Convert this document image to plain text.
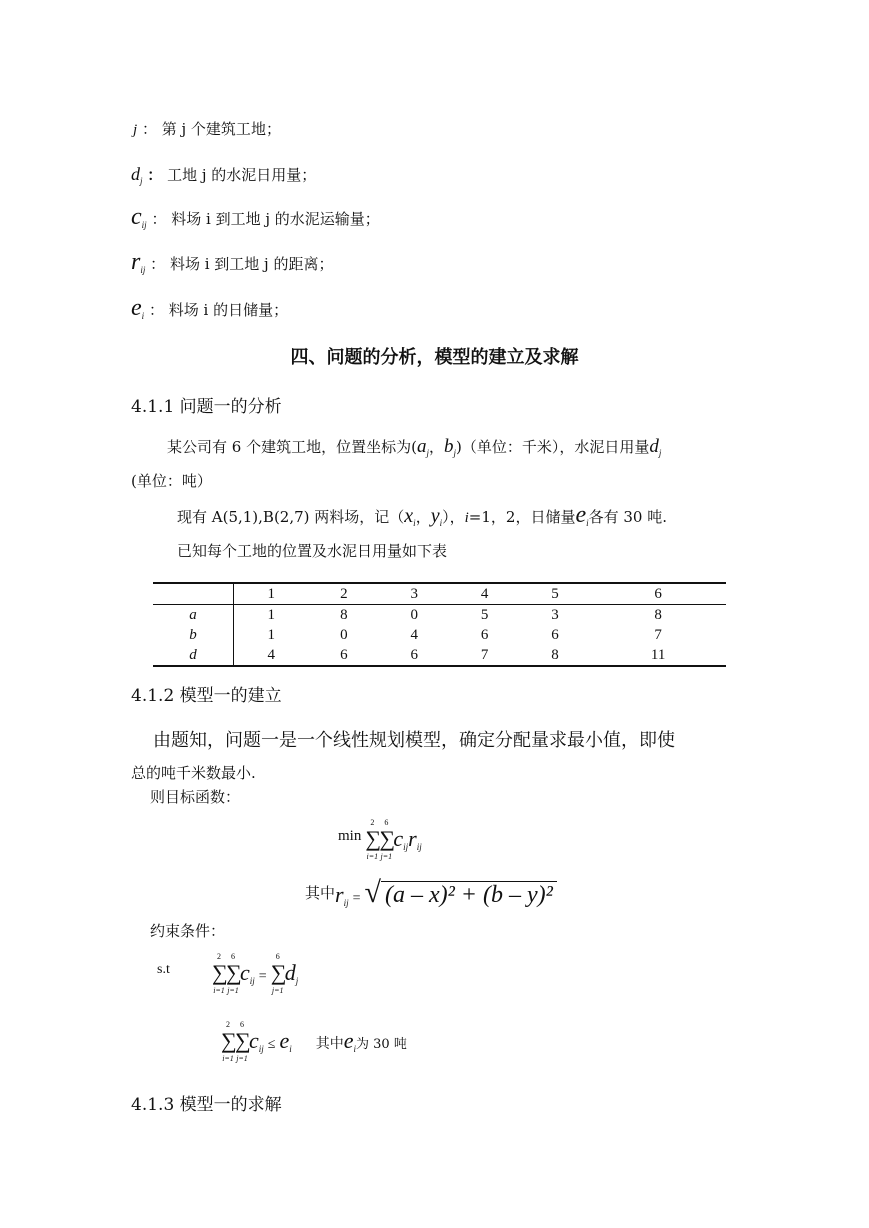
j ： 第 j 个建筑工地；
$d_j$ ： 工地 j 的水泥日用量；
$c_{ij}$ ： 料场 i 到工地 j 的水泥运输量；
$r_{ij}$ ： 料场 i 到工地 j 的距离；
$e_i$ ： 料场 i 的日储量；
四、问题的分析，模型的建立及求解
4.1.1 问题一的分析
某公司有 6 个建筑工地，位置坐标为($a_j$，$b_j$)（单位：千米），水泥日用量$d_j$
(单位：吨）
现有 A(5,1),B(2,7) 两料场，记（$x_i$，$y_i$），i=1，2，日储量$e_i$各有 30 吨.
已知每个工地的位置及水泥日用量如下表
	1	2	3	4	5	6
a	1	8	0	5	3	8
b	1	0	4	6	6	7
d	4	6	6	7	8	11
4.1.2 模型一的建立
由题知，问题一是一个线性规划模型，确定分配量求最小值，即使
总的吨千米数最小.
则目标函数：
min ∑
2
i=1
∑
6
j=1
$c_{ij}r_{ij}$
其中$r_{ij}$ = √ (a – x)² + (b – y)²
约束条件：
s.t ∑
2
i=1
∑
6
j=1
$c_{ij}$ = ∑
6
j=1
$d_j$
∑
2
i=1
∑
6
j=1
$c_{ij} \le e_i$ 其中$e_i$为 30 吨
4.1.3 模型一的求解
